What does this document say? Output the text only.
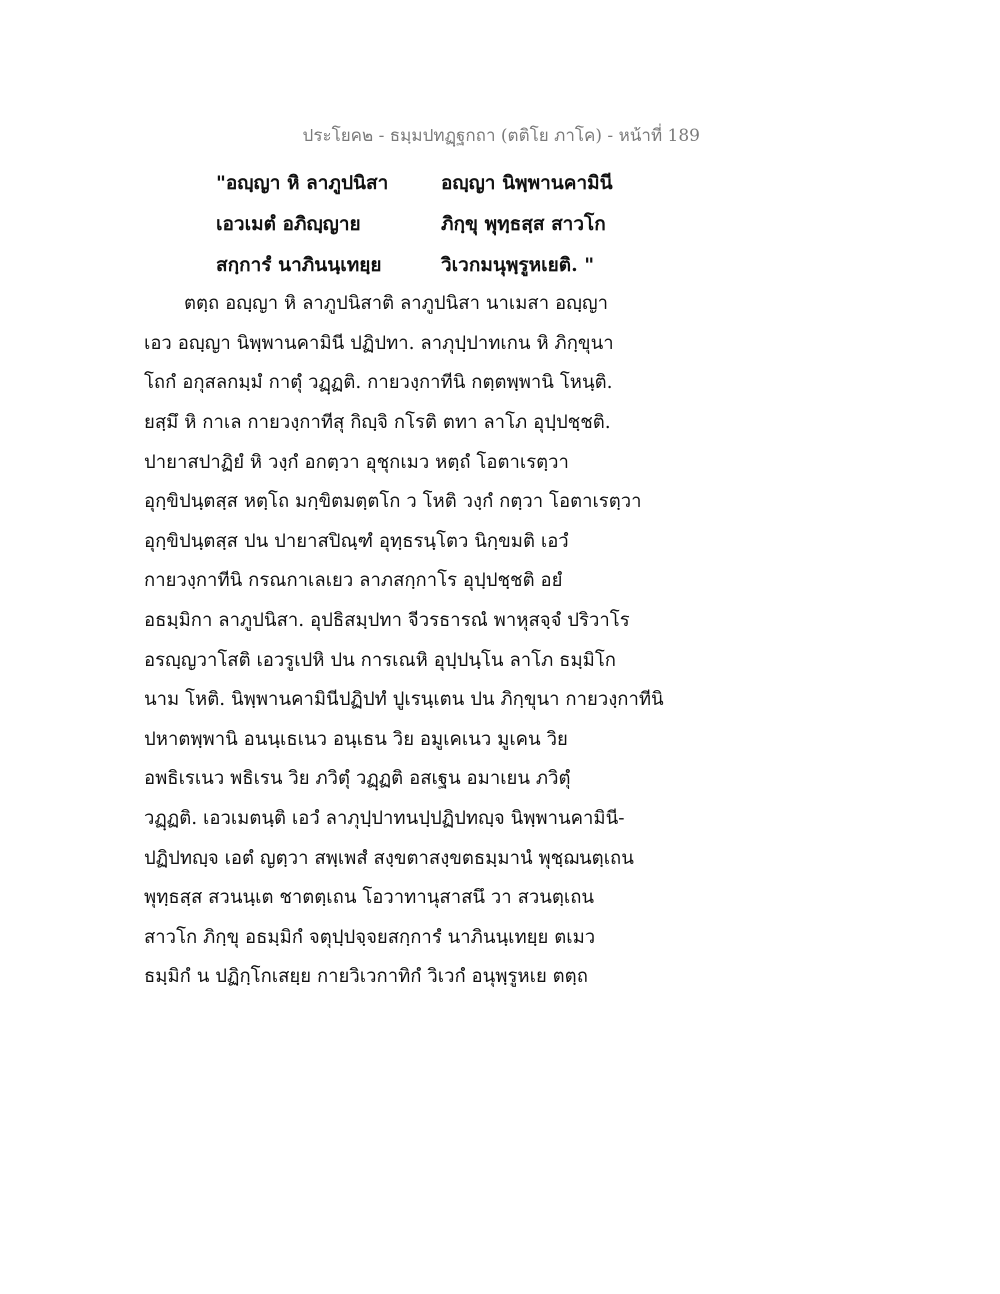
ประโยค๒ - ธมฺมปทฏฺฐกถา (ตติโย ภาโค) - หน้าที่ 189
"อญฺญา หิ ลาภูปนิสา	อญฺญา นิพฺพานคามินี
เอวเมตํ อภิญฺญาย	ภิกฺขุ พุทฺธสฺส สาวโก
สกฺการํ นาภินนฺเทยฺย	วิเวกมนุพฺรูหเยติ. "
ตตฺถ อญฺญา หิ ลาภูปนิสาติ ลาภูปนิสา นาเมสา อญฺญา
เอว อญฺญา นิพฺพานคามินี ปฏิปทา. ลาภุปฺปาทเกน หิ ภิกฺขุนา
โถกํ อกุสลกมฺมํ กาตุํ วฏฺฏติ. กายวงฺกาทีนิ กตฺตพฺพานิ โหนฺติ.
ยสฺมึ หิ กาเล กายวงฺกาทีสุ กิญฺจิ กโรติ ตทา ลาโภ อุปฺปชฺชติ.
ปายาสปาฏิยํ หิ วงฺกํ อกตฺวา อุชุกเมว หตฺถํ โอตาเรตฺวา
อุกฺขิปนฺตสฺส หตฺโถ มกฺขิตมตฺตโก ว โหติ วงฺกํ กตฺวา โอตาเรตฺวา
อุกฺขิปนฺตสฺส ปน ปายาสปิณฺฑํ อุทฺธรนฺโตว นิกฺขมติ เอวํ
กายวงฺกาทีนิ กรณกาเลเยว ลาภสกฺกาโร อุปฺปชฺชติ อยํ
อธมฺมิกา ลาภูปนิสา. อุปธิสมฺปทา จีวรธารณํ พาหุสจฺจํ ปริวาโร
อรญฺญวาโสติ เอวรูเปหิ ปน การเณหิ อุปฺปนฺโน ลาโภ ธมฺมิโก
นาม โหติ. นิพฺพานคามินีปฏิปทํ ปูเรนฺเตน ปน ภิกฺขุนา กายวงฺกาทีนิ
ปหาตพฺพานิ อนนฺเธเนว อนฺเธน วิย อมูเคเนว มูเคน วิย
อพธิเรเนว พธิเรน วิย ภวิตุํ วฏฺฏติ อสเฐน อมาเยน ภวิตุํ
วฏฺฏติ. เอวเมตนฺติ เอวํ ลาภุปฺปาทนปฺปฏิปทญฺจ นิพฺพานคามินี-
ปฏิปทญฺจ เอตํ ญตฺวา สพฺเพสํ สงฺขตาสงฺขตธมฺมานํ พุชฺฌนตฺเถน
พุทฺธสฺส สวนนฺเต ชาตตฺเถน โอวาทานุสาสนึ วา สวนตฺเถน
สาวโก ภิกฺขุ อธมฺมิกํ จตุปฺปจฺจยสกฺการํ นาภินนฺเทยฺย ตเมว
ธมฺมิกํ น ปฏิกฺโกเสยฺย กายวิเวกาทิกํ วิเวกํ อนุพฺรูหเย ตตฺถ
